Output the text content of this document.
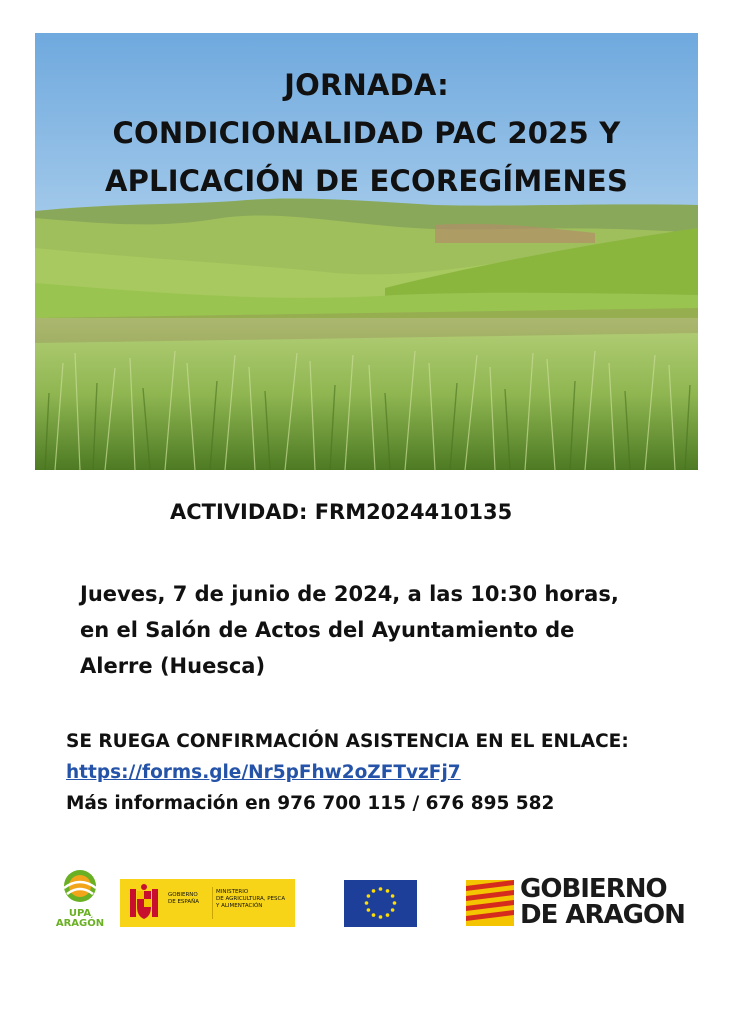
JORNADA:
CONDICIONALIDAD PAC 2025 Y
APLICACIÓN DE ECOREGÍMENES
ACTIVIDAD: FRM2024410135
Jueves, 7 de junio de 2024, a las 10:30 horas,
en el Salón de Actos del Ayuntamiento de
Alerre (Huesca)
SE RUEGA CONFIRMACIÓN ASISTENCIA EN EL ENLACE:
https://forms.gle/Nr5pFhw2oZFTvzFj7
Más información en 976 700 115 / 676 895 582
UPA
ARAGÓN
GOBIERNO
DE ESPAÑA
MINISTERIO
DE AGRICULTURA, PESCA
Y ALIMENTACIÓN
GOBIERNO
DE ARAGON
